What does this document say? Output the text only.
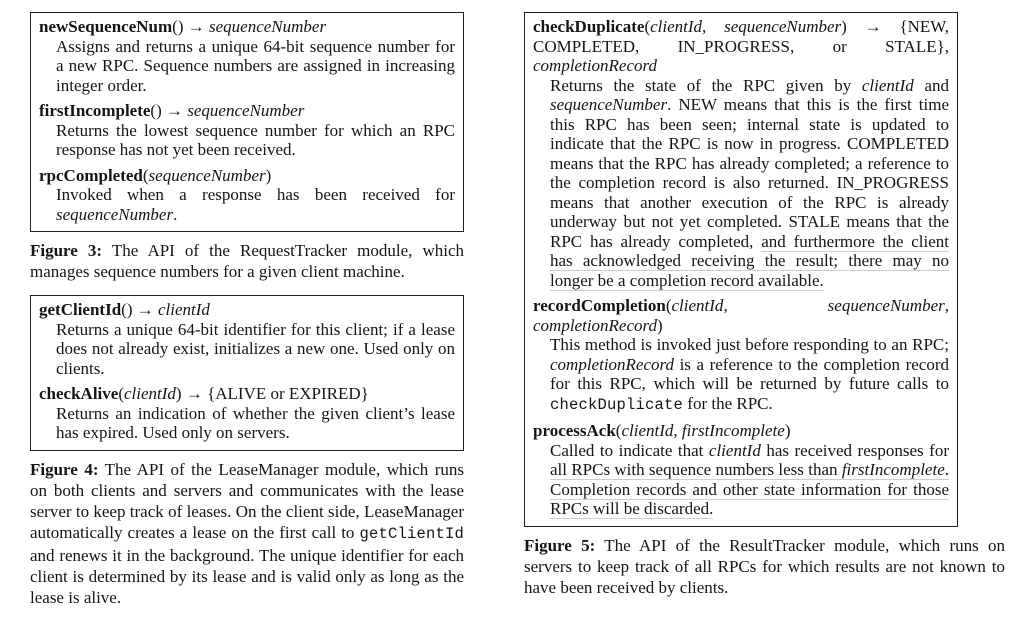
newSequenceNum() → sequenceNumber
Assigns and returns a unique 64-bit sequence number for a new RPC. Sequence numbers are assigned in increasing integer order.
firstIncomplete() → sequenceNumber
Returns the lowest sequence number for which an RPC response has not yet been received.
rpcCompleted(sequenceNumber)
Invoked when a response has been received for sequenceNumber.
Figure 3: The API of the RequestTracker module, which manages sequence numbers for a given client machine.
getClientId() → clientId
Returns a unique 64-bit identifier for this client; if a lease does not already exist, initializes a new one. Used only on clients.
checkAlive(clientId) → {ALIVE or EXPIRED}
Returns an indication of whether the given client’s lease has expired. Used only on servers.
Figure 4: The API of the LeaseManager module, which runs on both clients and servers and communicates with the lease server to keep track of leases. On the client side, LeaseManager automatically creates a lease on the first call to getClientId and renews it in the background. The unique identifier for each client is determined by its lease and is valid only as long as the lease is alive.
checkDuplicate(clientId, sequenceNumber) → {NEW, COMPLETED, IN_PROGRESS, or STALE}, completionRecord
Returns the state of the RPC given by clientId and sequenceNumber. NEW means that this is the first time this RPC has been seen; internal state is updated to indicate that the RPC is now in progress. COMPLETED means that the RPC has already completed; a reference to the completion record is also returned. IN_PROGRESS means that another execution of the RPC is already underway but not yet completed. STALE means that the RPC has already completed, and furthermore the client has acknowledged receiving the result; there may no longer be a completion record available.
recordCompletion(clientId, sequenceNumber, completionRecord)
This method is invoked just before responding to an RPC; completionRecord is a reference to the completion record for this RPC, which will be returned by future calls to checkDuplicate for the RPC.
processAck(clientId, firstIncomplete)
Called to indicate that clientId has received responses for all RPCs with sequence numbers less than firstIncomplete. Completion records and other state information for those RPCs will be discarded.
Figure 5: The API of the ResultTracker module, which runs on servers to keep track of all RPCs for which results are not known to have been received by clients.
